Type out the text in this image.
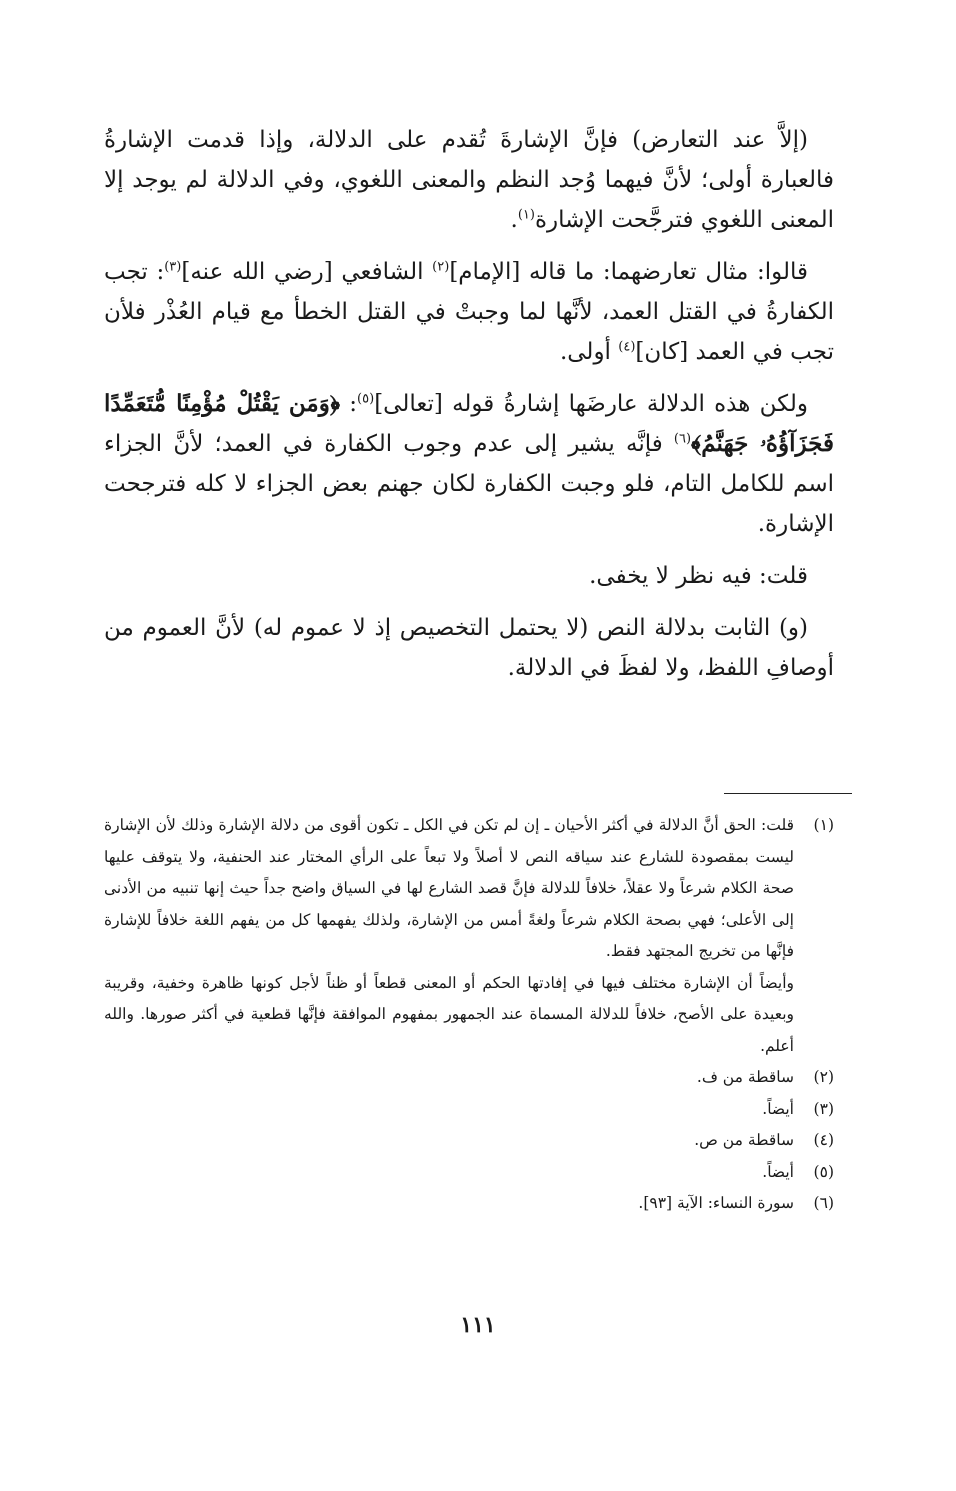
(إلاَّ عند التعارض) فإنَّ الإشارةَ تُقدم على الدلالة، وإذا قدمت الإشارةُ فالعبارة أولى؛ لأنَّ فيهما وُجد النظم والمعنى اللغوي، وفي الدلالة لم يوجد إلا المعنى اللغوي فترجَّحت الإشارة$^{(١)}$.

قالوا: مثال تعارضهما: ما قاله [الإمام]$^{(٢)}$ الشافعي [رضي الله عنه]$^{(٣)}$: تجب الكفارةُ في القتل العمد، لأنَّها لما وجبتْ في القتل الخطأ مع قيام العُذْر فلأن تجب في العمد [كان]$^{(٤)}$ أولى.

ولكن هذه الدلالة عارضَها إشارةُ قوله [تعالى]$^{(٥)}$: ﴿وَمَن يَقْتُلْ مُؤْمِنًا مُّتَعَمِّدًا فَجَزَآؤُهُۥ جَهَنَّمُ﴾$^{(٦)}$ فإنَّه يشير إلى عدم وجوب الكفارة في العمد؛ لأنَّ الجزاء اسم للكامل التام، فلو وجبت الكفارة لكان جهنم بعض الجزاء لا كله فترجحت الإشارة.

قلت: فيه نظر لا يخفى.

(و) الثابت بدلالة النص (لا يحتمل التخصيص إذ لا عموم له) لأنَّ العموم من أوصافِ اللفظ، ولا لفظَ في الدلالة.

(١)
قلت: الحق أنَّ الدلالة في أكثر الأحيان ـ إن لم تكن في الكل ـ تكون أقوى من دلالة الإشارة وذلك لأن الإشارة ليست بمقصودة للشارع عند سياقه النص لا أصلاً ولا تبعاً على الرأي المختار عند الحنفية، ولا يتوقف عليها صحة الكلام شرعاً ولا عقلاً، خلافاً للدلالة فإنَّ قصد الشارع لها في السياق واضح جداً حيث إنها تنبيه من الأدنى إلى الأعلى؛ فهي بصحة الكلام شرعاً ولغةً أمس من الإشارة، ولذلك يفهمها كل من يفهم اللغة خلافاً للإشارة فإنَّها من تخريج المجتهد فقط.
وأيضاً أن الإشارة مختلف فيها في إفادتها الحكم أو المعنى قطعاً أو ظناً لأجل كونها ظاهرة وخفية، وقريبة وبعيدة على الأصح، خلافاً للدلالة المسماة عند الجمهور بمفهوم الموافقة فإنَّها قطعية في أكثر صورها. والله أعلم.
(٢)
ساقطة من ف.
(٣)
أيضاً.
(٤)
ساقطة من ص.
(٥)
أيضاً.
(٦)
سورة النساء: الآية [٩٣].
١١١
